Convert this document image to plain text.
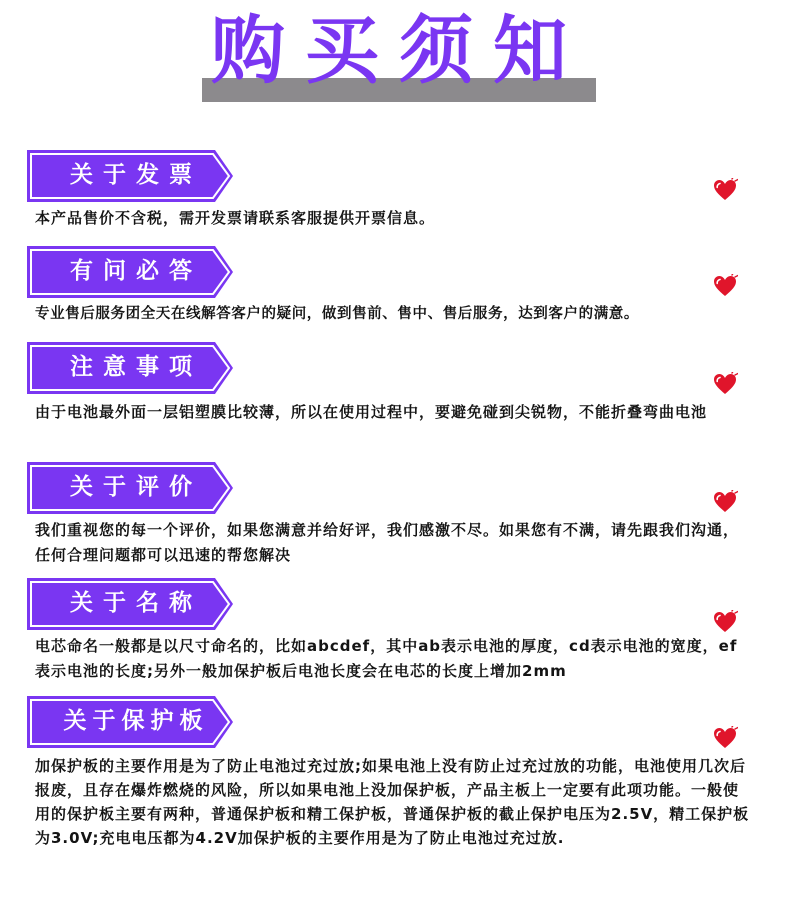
购买须知
关于发票
本产品售价不含税，需开发票请联系客服提供开票信息。
有问必答
专业售后服务团全天在线解答客户的疑问，做到售前、售中、售后服务，达到客户的满意。
注意事项
由于电池最外面一层铝塑膜比较薄，所以在使用过程中，要避免碰到尖锐物，不能折叠弯曲电池
关于评价
我们重视您的每一个评价，如果您满意并给好评，我们感激不尽。如果您有不满，请先跟我们沟通，任何合理问题都可以迅速的帮您解决
关于名称
电芯命名一般都是以尺寸命名的，比如abcdef，其中ab表示电池的厚度，cd表示电池的宽度，ef表示电池的长度;另外一般加保护板后电池长度会在电芯的长度上增加2mm
关于保护板
加保护板的主要作用是为了防止电池过充过放;如果电池上没有防止过充过放的功能，电池使用几次后报废，且存在爆炸燃烧的风险，所以如果电池上没加保护板，产品主板上一定要有此项功能。一般使用的保护板主要有两种，普通保护板和精工保护板，普通保护板的截止保护电压为2.5V，精工保护板为3.0V;充电电压都为4.2V加保护板的主要作用是为了防止电池过充过放.
